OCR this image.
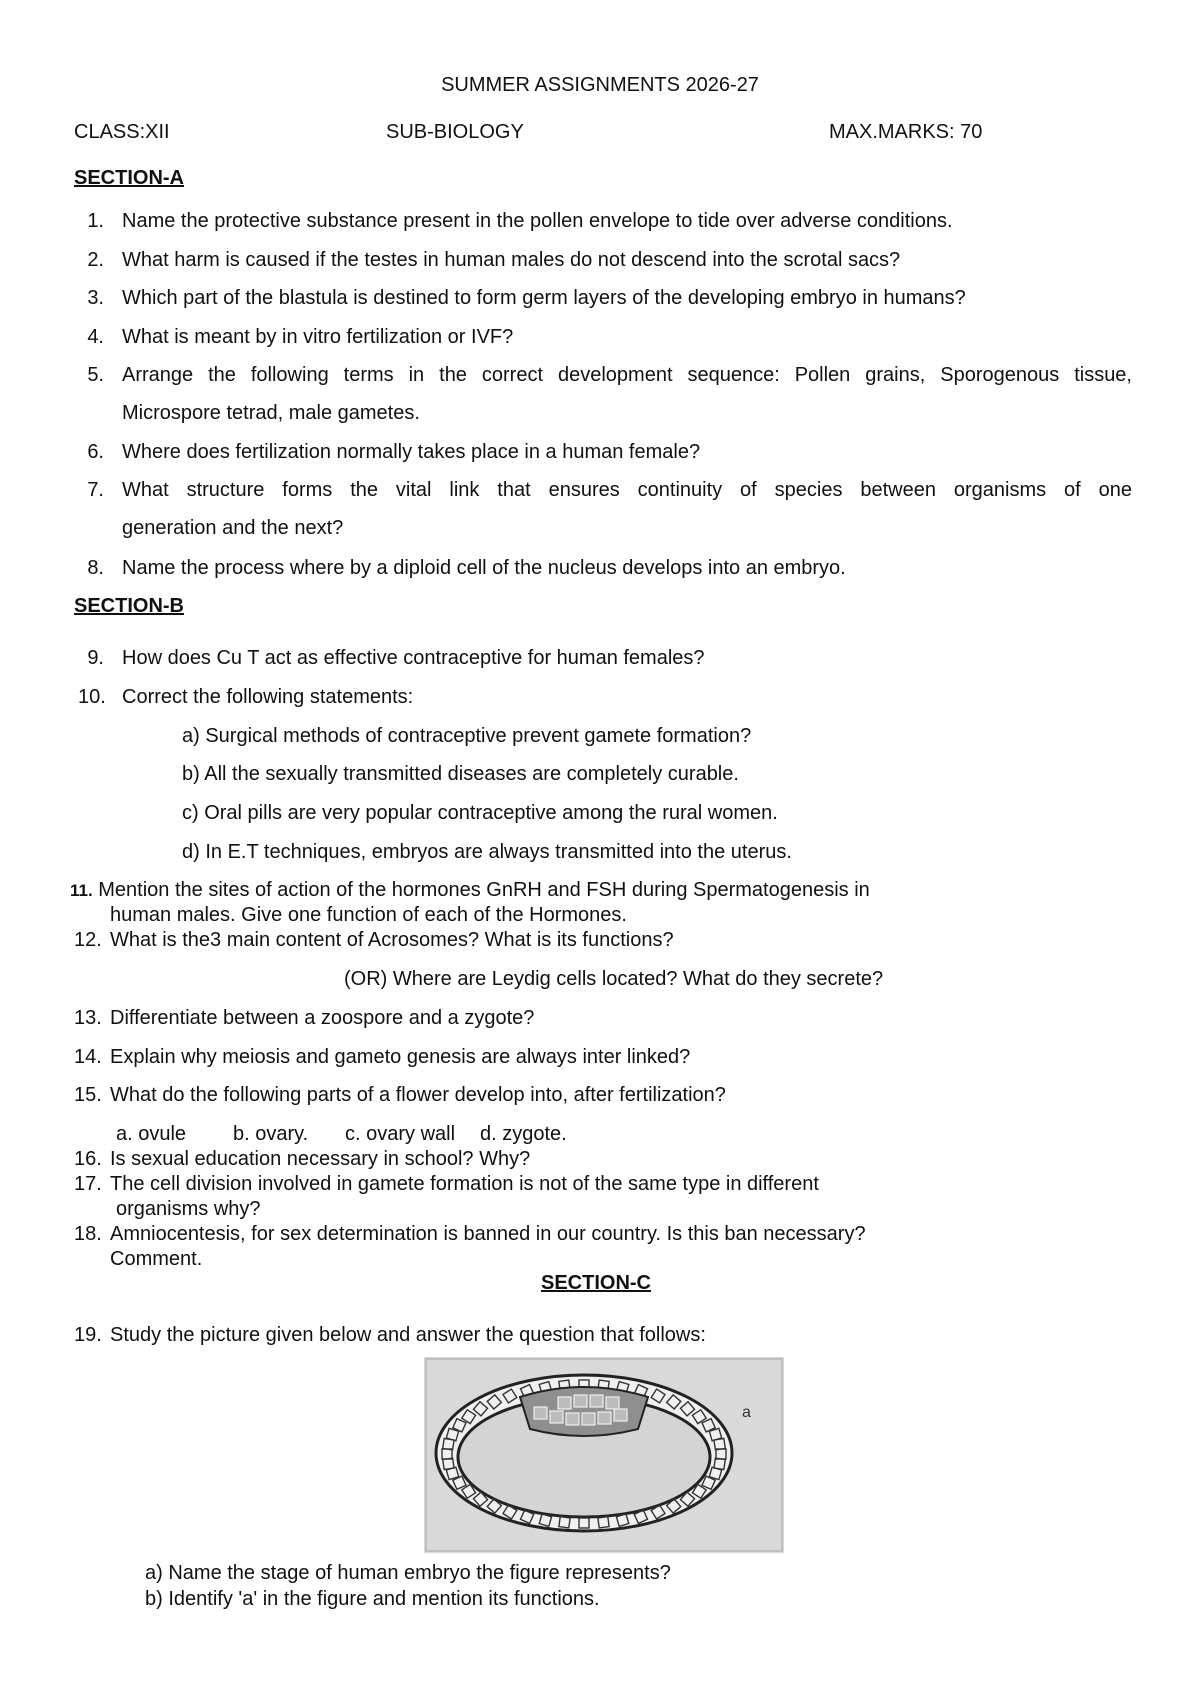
SUMMER ASSIGNMENTS 2026-27
CLASS:XII	SUB-BIOLOGY	MAX.MARKS: 70
SECTION-A
1. Name the protective substance present in the pollen envelope to tide over adverse conditions.
2. What harm is caused if the testes in human males do not descend into the scrotal sacs?
3. Which part of the blastula is destined to form germ layers of the developing embryo in humans?
4. What is meant by in vitro fertilization or IVF?
5. Arrange the following terms in the correct development sequence: Pollen grains, Sporogenous tissue,
Microspore tetrad, male gametes.
6. Where does fertilization normally takes place in a human female?
7. What structure forms the vital link that ensures continuity of species between organisms of one
generation and the next?
8. Name the process where by a diploid cell of the nucleus develops into an embryo.
SECTION-B
9. How does Cu T act as effective contraceptive for human females?
10. Correct the following statements:
a) Surgical methods of contraceptive prevent gamete formation?
b) All the sexually transmitted diseases are completely curable.
c) Oral pills are very popular contraceptive among the rural women.
d) In E.T techniques, embryos are always transmitted into the uterus.
11. Mention the sites of action of the hormones GnRH and FSH during Spermatogenesis in
human males. Give one function of each of the Hormones.
12. What is the3 main content of Acrosomes? What is its functions?
(OR) Where are Leydig cells located? What do they secrete?
13. Differentiate between a zoospore and a zygote?
14. Explain why meiosis and gameto genesis are always inter linked?
15. What do the following parts of a flower develop into, after fertilization?
a. ovule b. ovary. c. ovary wall d. zygote.
16. Is sexual education necessary in school? Why?
17. The cell division involved in gamete formation is not of the same type in different
organisms why?
18. Amniocentesis, for sex determination is banned in our country. Is this ban necessary?
Comment.
SECTION-C
19. Study the picture given below and answer the question that follows:
a
a) Name the stage of human embryo the figure represents?
b) Identify 'a' in the figure and mention its functions.
